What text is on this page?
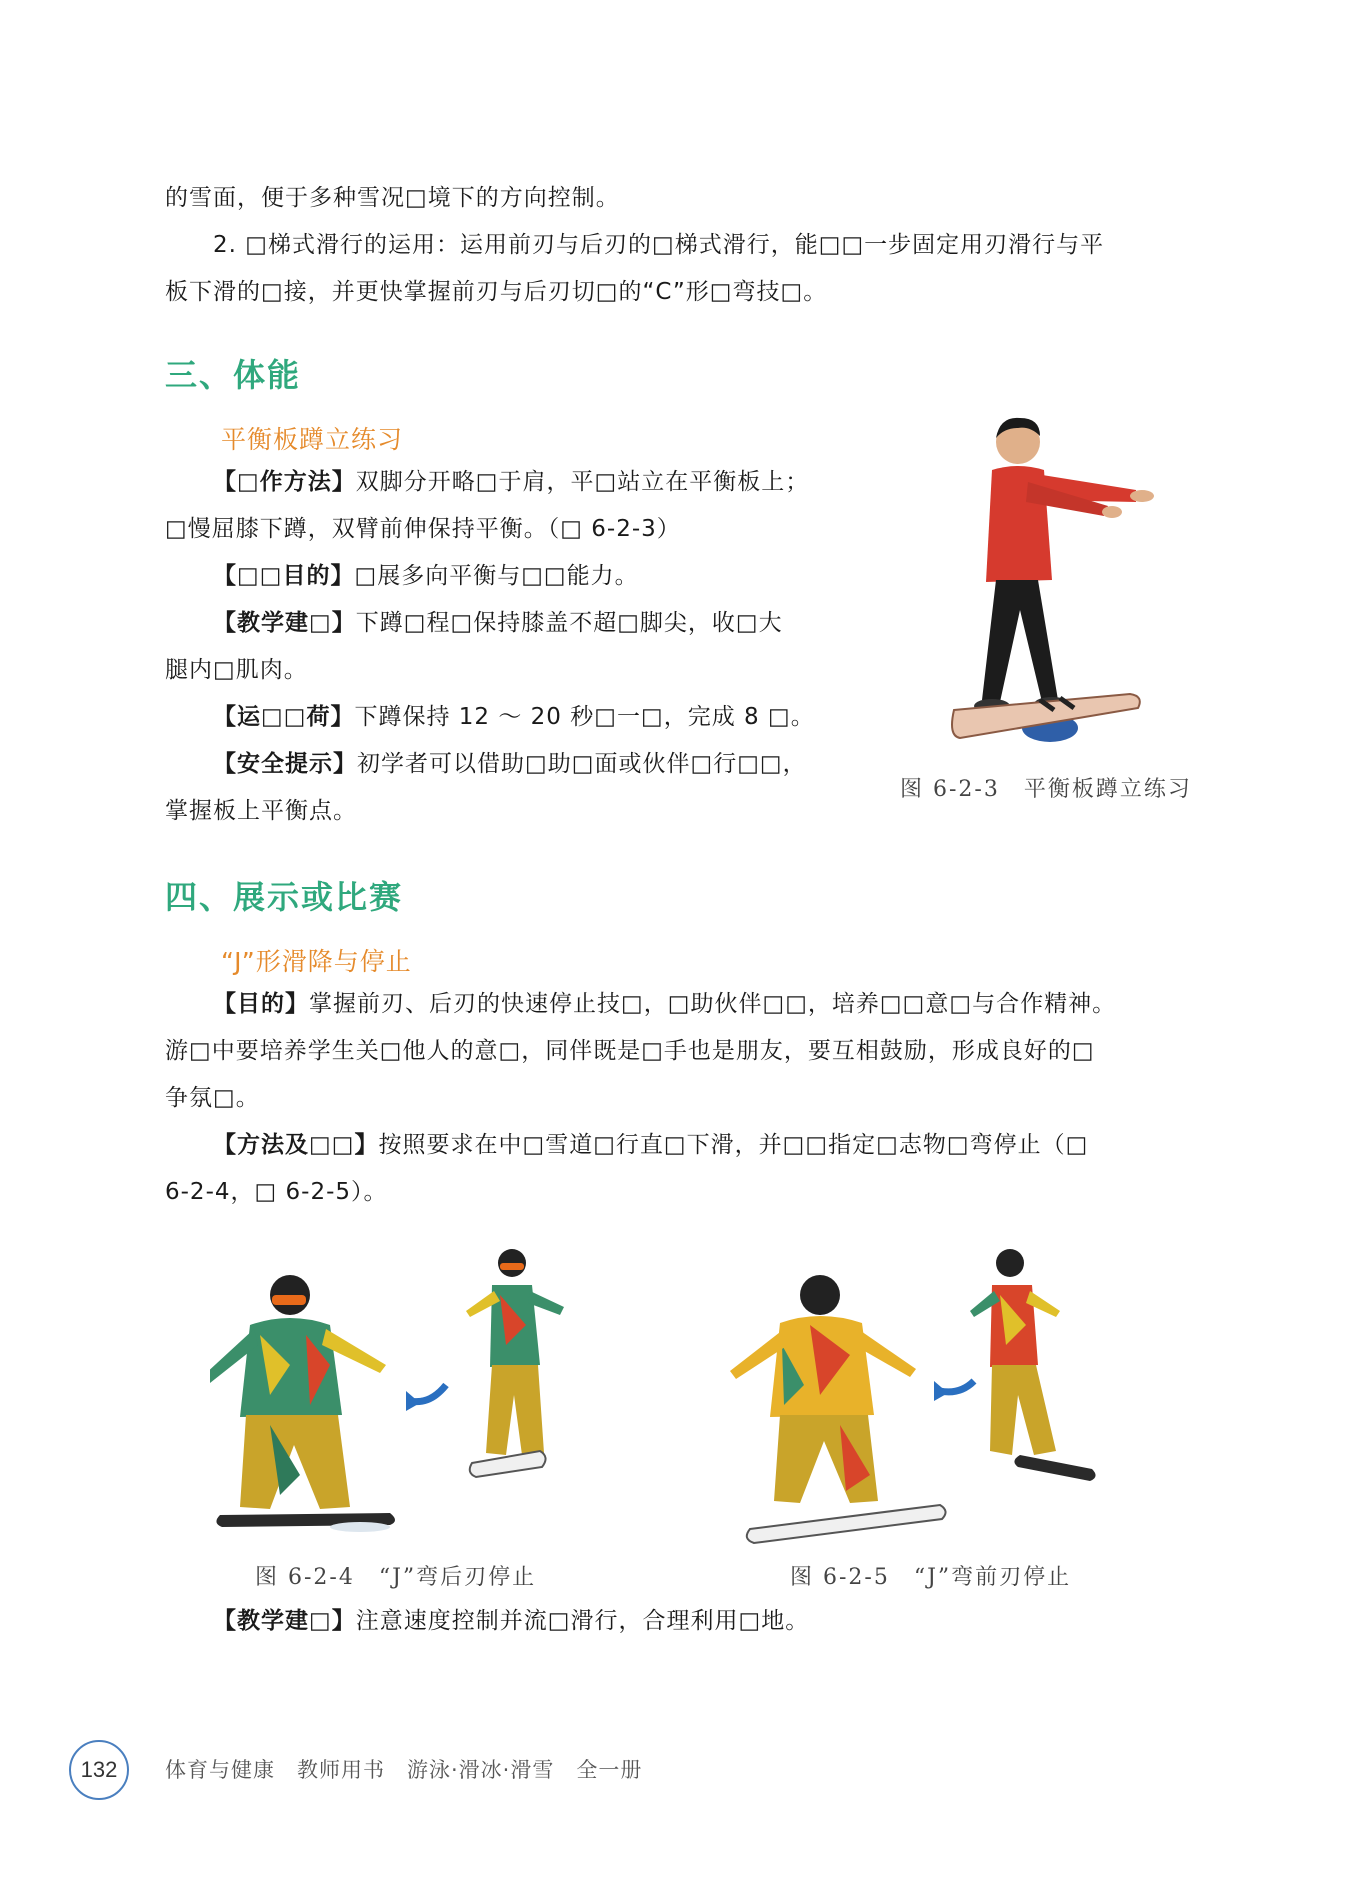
的雪面，便于多种雪况□境下的方向控制。
2. □梯式滑行的运用：运用前刃与后刃的□梯式滑行，能□□一步固定用刃滑行与平
板下滑的□接，并更快掌握前刃与后刃切□的“C”形□弯技□。
三、体能
平衡板蹲立练习
【□作方法】双脚分开略□于肩，平□站立在平衡板上；
□慢屈膝下蹲，双臂前伸保持平衡。（□ 6-2-3）
【□□目的】□展多向平衡与□□能力。
【教学建□】下蹲□程□保持膝盖不超□脚尖，收□大
腿内□肌肉。
【运□□荷】下蹲保持 12 ～ 20 秒□一□，完成 8 □。
【安全提示】初学者可以借助□助□面或伙伴□行□□，
掌握板上平衡点。
图 6-2-3　平衡板蹲立练习
四、展示或比赛
“J”形滑降与停止
【目的】掌握前刃、后刃的快速停止技□，□助伙伴□□，培养□□意□与合作精神。
游□中要培养学生关□他人的意□，同伴既是□手也是朋友，要互相鼓励，形成良好的□
争氛□。
【方法及□□】按照要求在中□雪道□行直□下滑，并□□指定□志物□弯停止（□
6-2-4，□ 6-2-5）。
图 6-2-4　“J”弯后刃停止	图 6-2-5　“J”弯前刃停止
【教学建□】注意速度控制并流□滑行，合理利用□地。
132	体育与健康　教师用书　游泳·滑冰·滑雪　全一册
